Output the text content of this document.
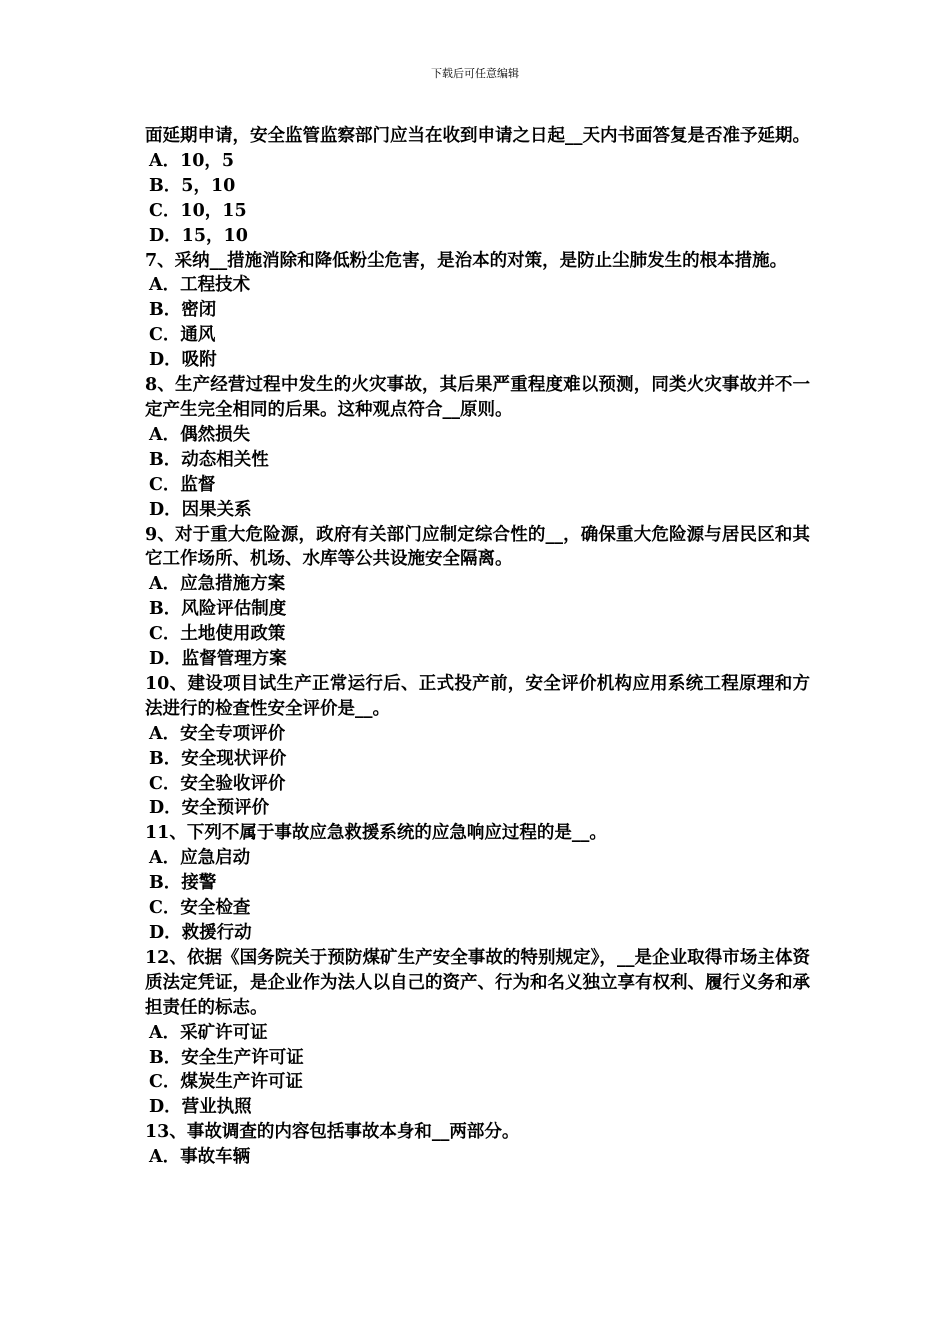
下载后可任意编辑
面延期申请，安全监管监察部门应当在收到申请之日起__天内书面答复是否准予延期。
A．10，5
B．5，10
C．10，15
D．15，10
7、采纳__措施消除和降低粉尘危害，是治本的对策，是防止尘肺发生的根本措施。
A．工程技术
B．密闭
C．通风
D．吸附
8、生产经营过程中发生的火灾事故，其后果严重程度难以预测，同类火灾事故并不一定产生完全相同的后果。这种观点符合__原则。
A．偶然损失
B．动态相关性
C．监督
D．因果关系
9、对于重大危险源，政府有关部门应制定综合性的__，确保重大危险源与居民区和其它工作场所、机场、水库等公共设施安全隔离。
A．应急措施方案
B．风险评估制度
C．土地使用政策
D．监督管理方案
10、建设项目试生产正常运行后、正式投产前，安全评价机构应用系统工程原理和方法进行的检查性安全评价是__。
A．安全专项评价
B．安全现状评价
C．安全验收评价
D．安全预评价
11、下列不属于事故应急救援系统的应急响应过程的是__。
A．应急启动
B．接警
C．安全检查
D．救援行动
12、依据《国务院关于预防煤矿生产安全事故的特别规定》，__是企业取得市场主体资质法定凭证，是企业作为法人以自己的资产、行为和名义独立享有权利、履行义务和承担责任的标志。
A．采矿许可证
B．安全生产许可证
C．煤炭生产许可证
D．营业执照
13、事故调查的内容包括事故本身和__两部分。
A．事故车辆
